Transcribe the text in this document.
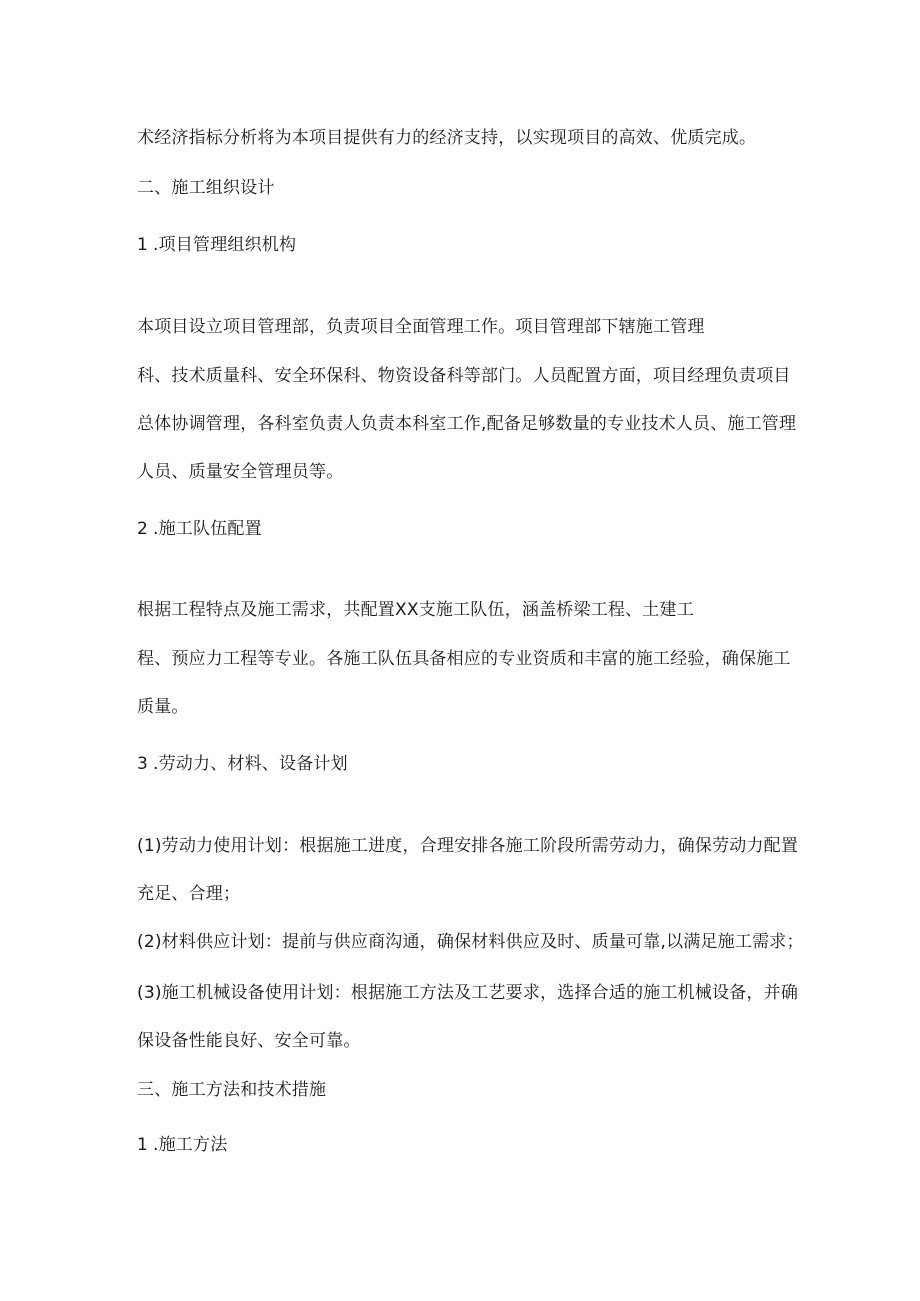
术经济指标分析将为本项目提供有力的经济支持，以实现项目的高效、优质完成。
二、施工组织设计
1 .项目管理组织机构
本项目设立项目管理部，负责项目全面管理工作。项目管理部下辖施工管理
科、技术质量科、安全环保科、物资设备科等部门。人员配置方面，项目经理负责项目
总体协调管理，各科室负责人负责本科室工作,配备足够数量的专业技术人员、施工管理
人员、质量安全管理员等。
2 .施工队伍配置
根据工程特点及施工需求，共配置XX支施工队伍，涵盖桥梁工程、土建工
程、预应力工程等专业。各施工队伍具备相应的专业资质和丰富的施工经验，确保施工
质量。
3 .劳动力、材料、设备计划
(1)劳动力使用计划：根据施工进度，合理安排各施工阶段所需劳动力，确保劳动力配置
充足、合理；
(2)材料供应计划：提前与供应商沟通，确保材料供应及时、质量可靠,以满足施工需求；
(3)施工机械设备使用计划：根据施工方法及工艺要求，选择合适的施工机械设备，并确
保设备性能良好、安全可靠。
三、施工方法和技术措施
1 .施工方法
